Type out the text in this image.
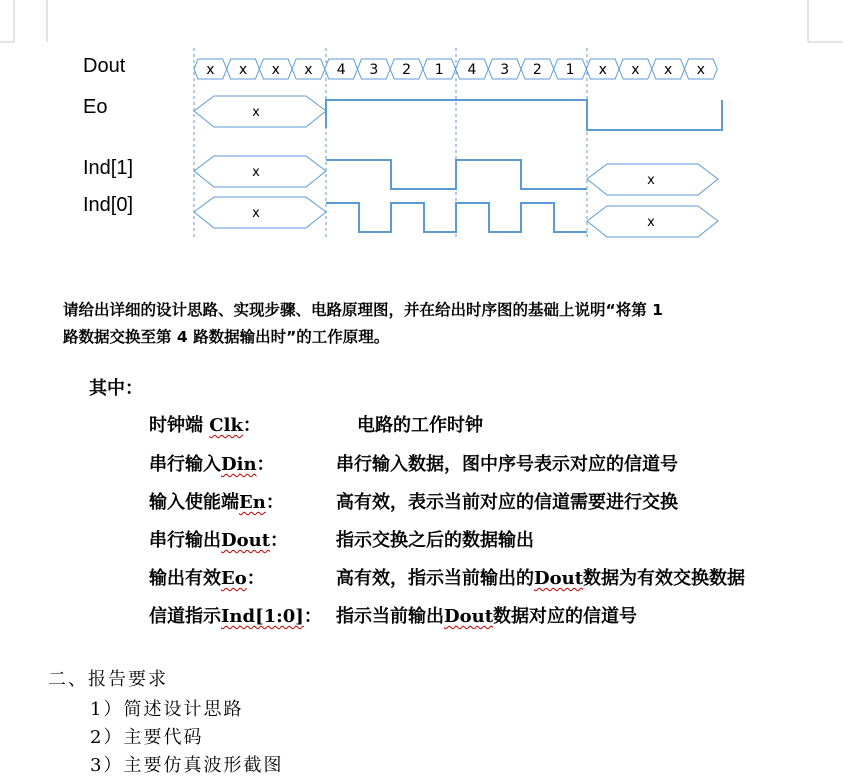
Dout
Eo
Ind[1]
Ind[0]
x x x x 4 3 2 1 4 3 2 1 x x x x
x
x
x
x
x
请给出详细的设计思路、实现步骤、电路原理图，并在给出时序图的基础上说明“将第 1
路数据交换至第 4 路数据输出时”的工作原理。
其中：
时钟端 Clk：	电路的工作时钟
串行输入Din：	串行输入数据，图中序号表示对应的信道号
输入使能端En：	高有效，表示当前对应的信道需要进行交换
串行输出Dout：	指示交换之后的数据输出
输出有效Eo：	高有效，指示当前输出的Dout数据为有效交换数据
信道指示Ind[1:0]： 指示当前输出Dout数据对应的信道号
二、报告要求
1）简述设计思路
2）主要代码
3）主要仿真波形截图
